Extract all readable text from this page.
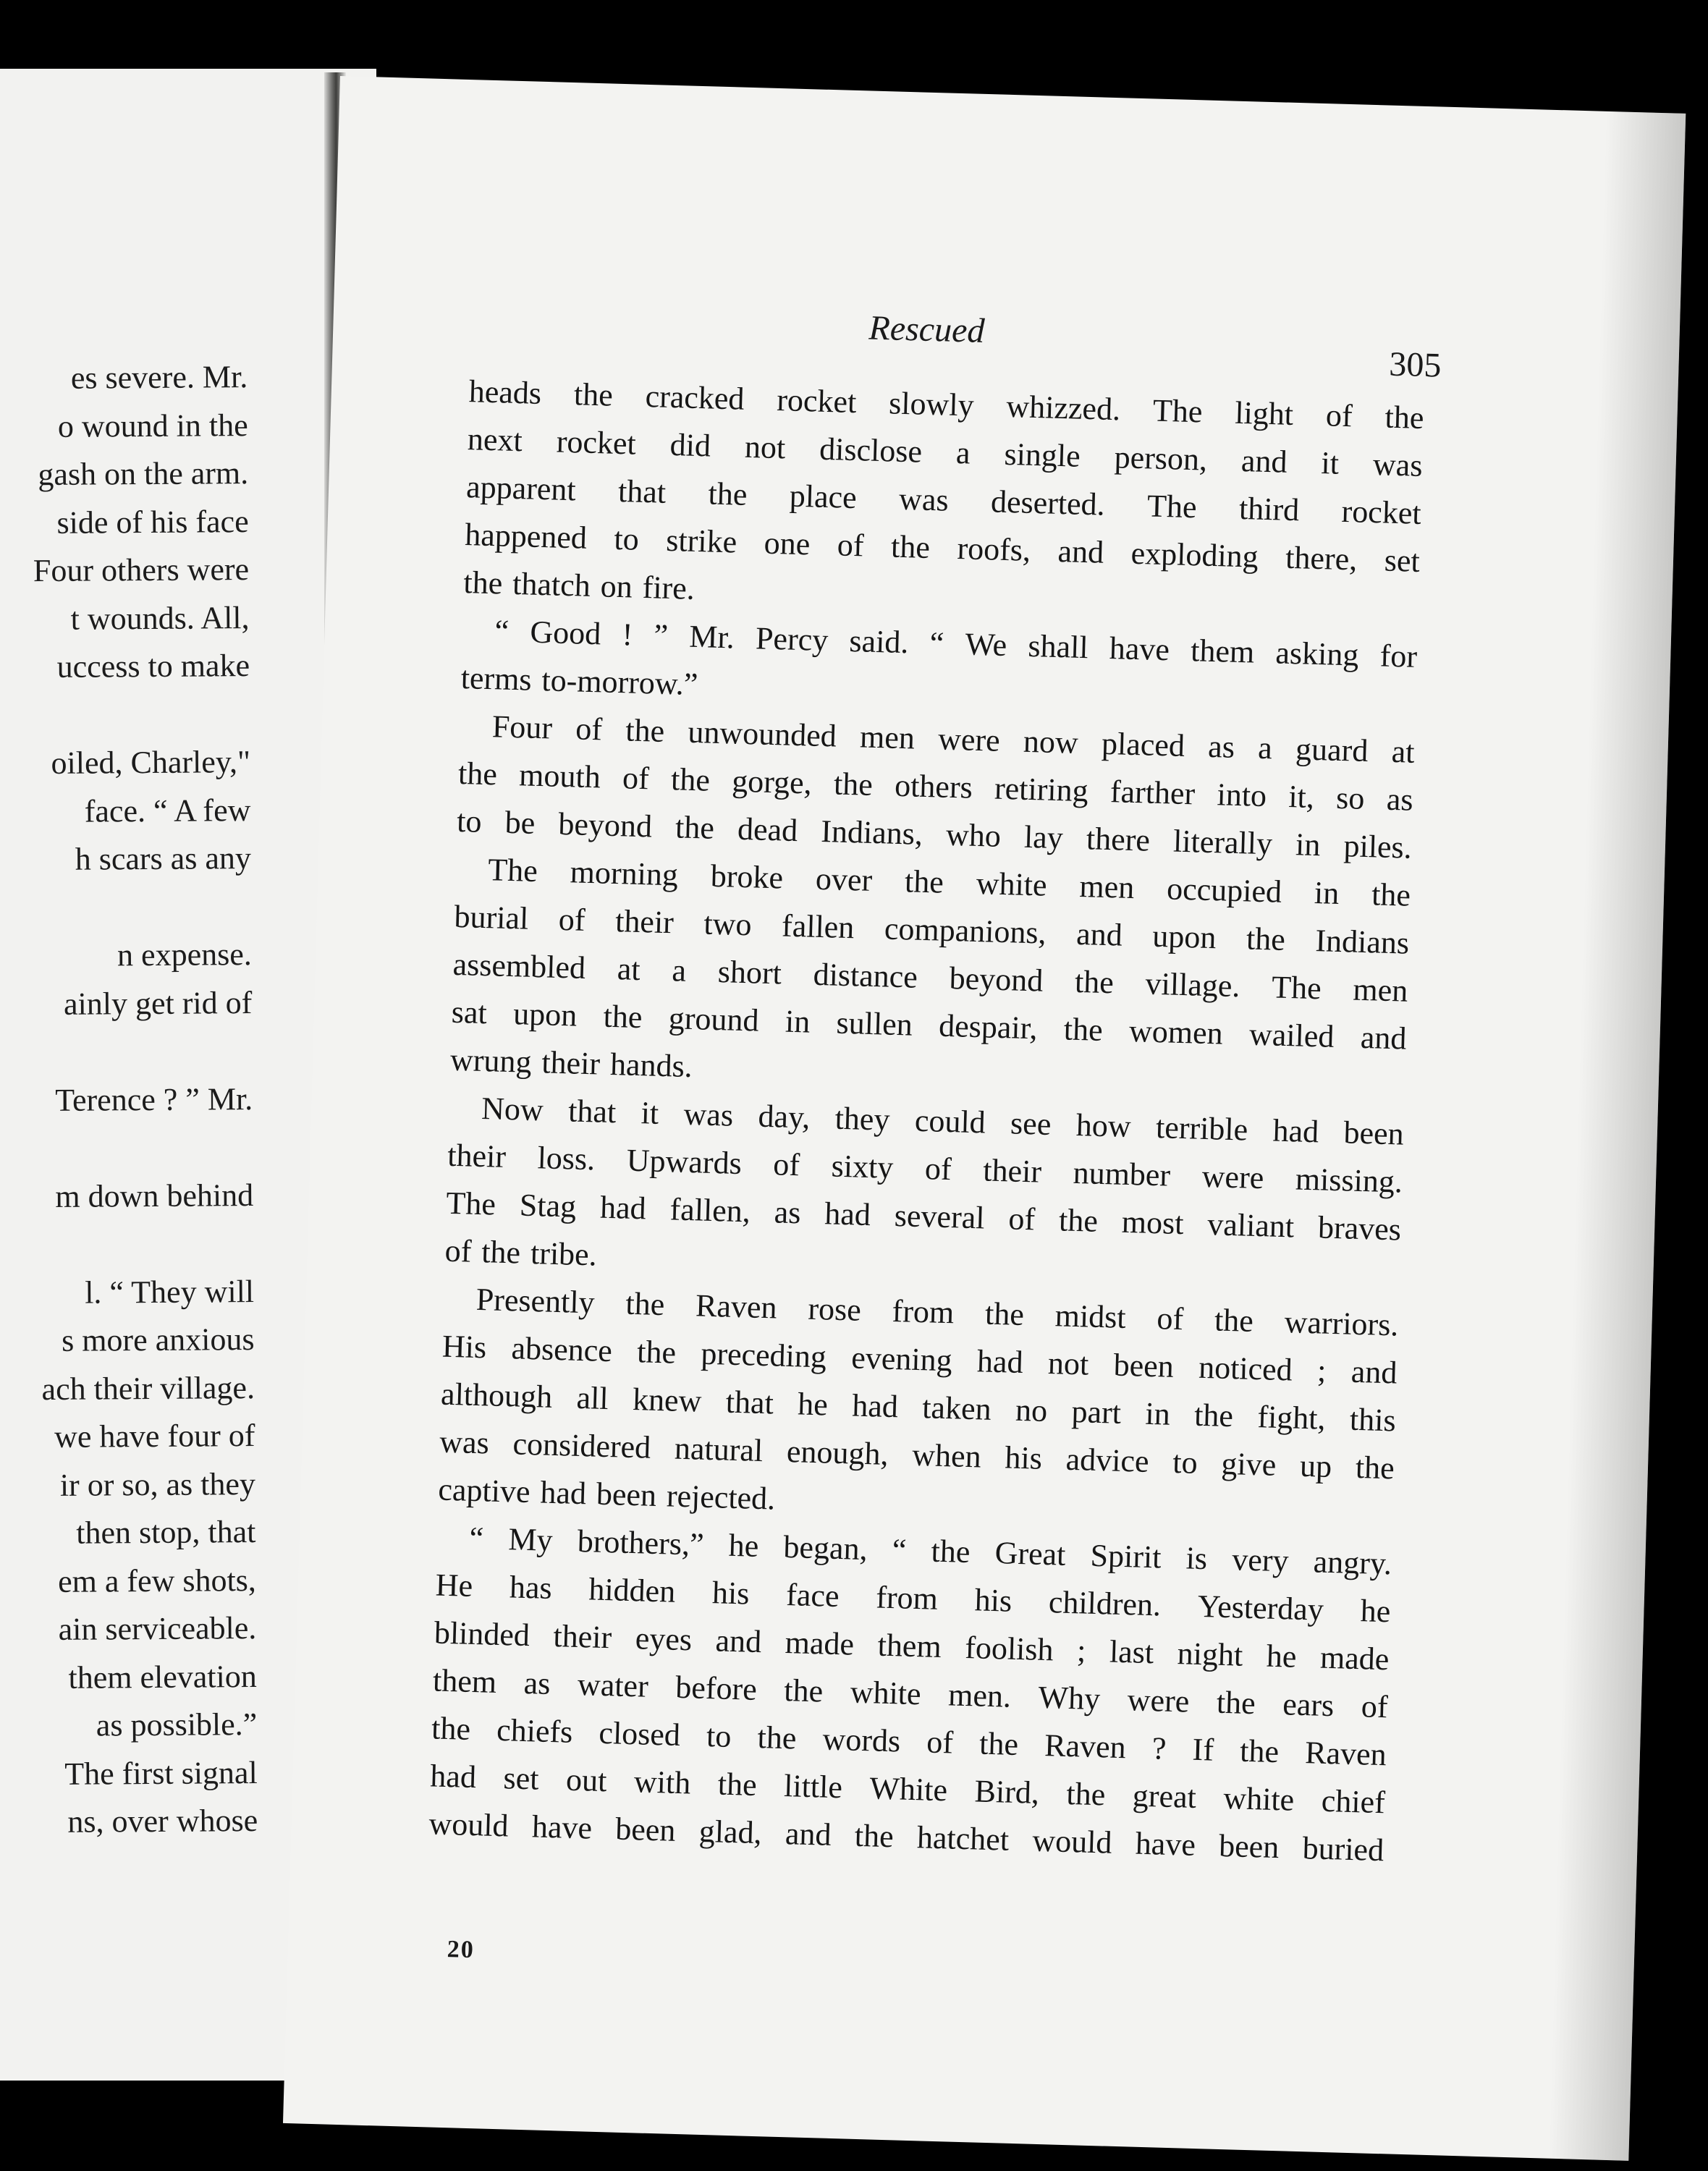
es severe. Mr.
o wound in the
gash on the arm.
side of his face
Four others were
t wounds. All,
uccess to make
oiled, Charley,"
face. “ A few
h scars as any
n expense.
ainly get rid of
Terence ? ” Mr.
m down behind
l. “ They will
s more anxious
ach their village.
we have four of
ir or so, as they
then stop, that
em a few shots,
ain serviceable.
them elevation
as possible.”
The first signal
ns, over whose
Rescued
305
heads the cracked rocket slowly whizzed. The light of the
next rocket did not disclose a single person, and it was
apparent that the place was deserted. The third rocket
happened to strike one of the roofs, and exploding there, set
the thatch on fire.
“ Good ! ” Mr. Percy said. “ We shall have them asking for
terms to-morrow.”
Four of the unwounded men were now placed as a guard at
the mouth of the gorge, the others retiring farther into it, so as
to be beyond the dead Indians, who lay there literally in piles.
The morning broke over the white men occupied in the
burial of their two fallen companions, and upon the Indians
assembled at a short distance beyond the village. The men
sat upon the ground in sullen despair, the women wailed and
wrung their hands.
Now that it was day, they could see how terrible had been
their loss. Upwards of sixty of their number were missing.
The Stag had fallen, as had several of the most valiant braves
of the tribe.
Presently the Raven rose from the midst of the warriors.
His absence the preceding evening had not been noticed ; and
although all knew that he had taken no part in the fight, this
was considered natural enough, when his advice to give up the
captive had been rejected.
“ My brothers,” he began, “ the Great Spirit is very angry.
He has hidden his face from his children. Yesterday he
blinded their eyes and made them foolish ; last night he made
them as water before the white men. Why were the ears of
the chiefs closed to the words of the Raven ? If the Raven
had set out with the little White Bird, the great white chief
would have been glad, and the hatchet would have been buried
20
